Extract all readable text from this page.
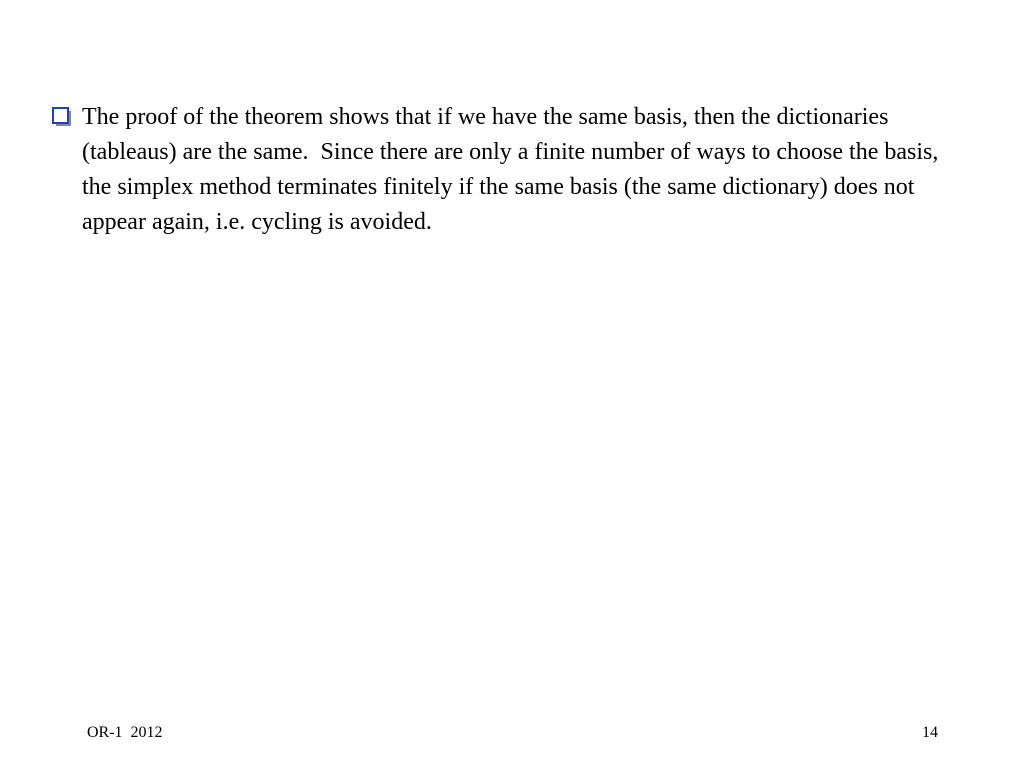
The proof of the theorem shows that if we have the same basis, then the dictionaries (tableaus) are the same.  Since there are only a finite number of ways to choose the basis, the simplex method terminates finitely if the same basis (the same dictionary) does not appear again, i.e. cycling is avoided.
OR-1  2012	14
